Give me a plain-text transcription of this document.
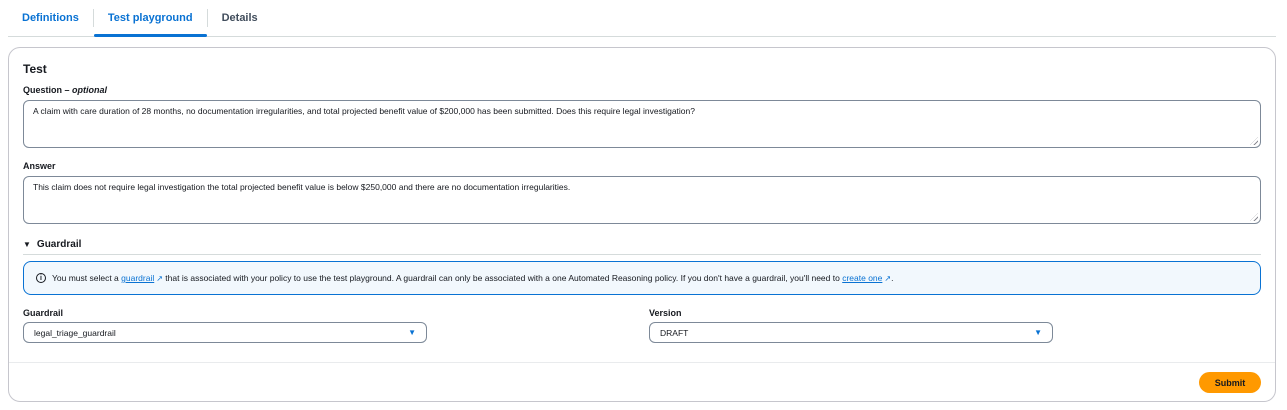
Definitions	Test playground	Details
Test
Question – optional
A claim with care duration of 28 months, no documentation irregularities, and total projected benefit value of $200,000 has been submitted. Does this require legal investigation?
Answer
This claim does not require legal investigation the total projected benefit value is below $250,000 and there are no documentation irregularities.
▼ Guardrail
i	You must select a guardrail ↗ that is associated with your policy to use the test playground. A guardrail can only be associated with a one Automated Reasoning policy. If you don't have a guardrail, you'll need to create one ↗.
Guardrail
legal_triage_guardrail	▼
Version
DRAFT	▼
Submit
